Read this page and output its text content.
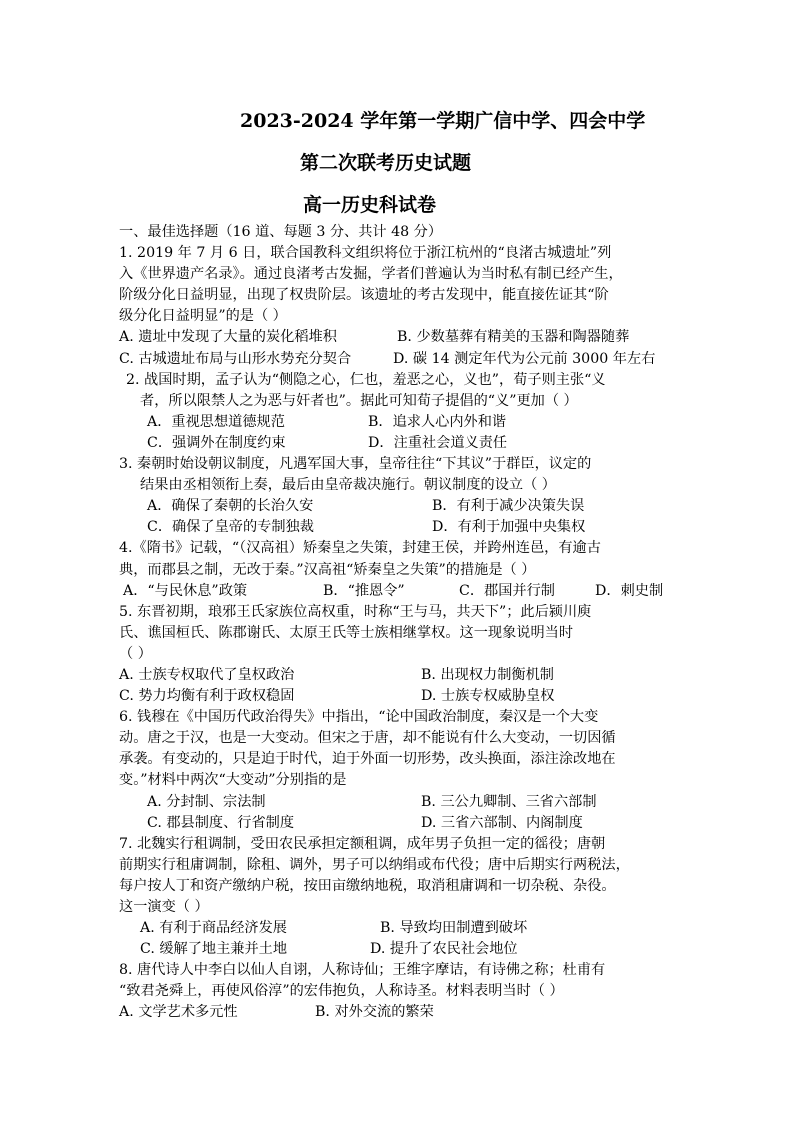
2023-2024 学年第一学期广信中学、四会中学
第二次联考历史试题
高一历史科试卷
一、最佳选择题（16 道、每题 3 分、共计 48 分）
1. 2019 年 7 月 6 日，联合国教科文组织将位于浙江杭州的“良渚古城遗址”列
入《世界遗产名录》。通过良渚考古发掘，学者们普遍认为当时私有制已经产生，
阶级分化日益明显，出现了权贵阶层。该遗址的考古发现中，能直接佐证其“阶
级分化日益明显”的是（ ）
A. 遗址中发现了大量的炭化稻堆积	B. 少数墓葬有精美的玉器和陶器随葬
C. 古城遗址布局与山形水势充分契合	D. 碳 14 测定年代为公元前 3000 年左右
2. 战国时期，孟子认为“侧隐之心，仁也，羞恶之心，义也”，荀子则主张“义
者，所以限禁人之为恶与奸者也”。据此可知荀子提倡的“义”更加（ ）
A．重视思想道德规范	B．追求人心内外和谐
C．强调外在制度约束	D．注重社会道义责任
3. 秦朝时始设朝议制度，凡遇军国大事，皇帝往往“下其议”于群臣，议定的
结果由丞相领衔上奏，最后由皇帝裁决施行。朝议制度的设立（ ）
A．确保了秦朝的长治久安	B．有利于减少决策失误
C．确保了皇帝的专制独裁	D．有利于加强中央集权
4.《隋书》记载，“（汉高祖）矫秦皇之失策，封建王侯，并跨州连邑，有逾古
典，而郡县之制，无改于秦。”汉高祖“矫秦皇之失策”的措施是（ ）
A．“与民休息”政策	B．“推恩令”	C．郡国并行制	D．刺史制
5. 东晋初期，琅邪王氏家族位高权重，时称“王与马，共天下”；此后颍川庾
氏、谯国桓氏、陈郡谢氏、太原王氏等士族相继掌权。这一现象说明当时
（ ）
A. 士族专权取代了皇权政治	B. 出现权力制衡机制
C. 势力均衡有利于政权稳固	D. 士族专权威胁皇权
6. 钱穆在《中国历代政治得失》中指出，“论中国政治制度，秦汉是一个大变
动。唐之于汉，也是一大变动。但宋之于唐，却不能说有什么大变动，一切因循
承袭。有变动的，只是迫于时代，迫于外面一切形势，改头换面，添注涂改地在
变。”材料中两次“大变动”分别指的是
A. 分封制、宗法制	B. 三公九卿制、三省六部制
C. 郡县制度、行省制度	D. 三省六部制、内阁制度
7. 北魏实行租调制，受田农民承担定额租调，成年男子负担一定的徭役；唐朝
前期实行租庸调制，除租、调外，男子可以纳绢或布代役；唐中后期实行两税法，
每户按人丁和资产缴纳户税，按田亩缴纳地税，取消租庸调和一切杂税、杂役。
这一演变（ ）
A. 有利于商品经济发展	B. 导致均田制遭到破坏
C. 缓解了地主兼并土地	D. 提升了农民社会地位
8. 唐代诗人中李白以仙人自诩，人称诗仙；王维字摩诘，有诗佛之称；杜甫有
“致君尧舜上，再使风俗淳”的宏伟抱负，人称诗圣。材料表明当时（ ）
A. 文学艺术多元性	B. 对外交流的繁荣
